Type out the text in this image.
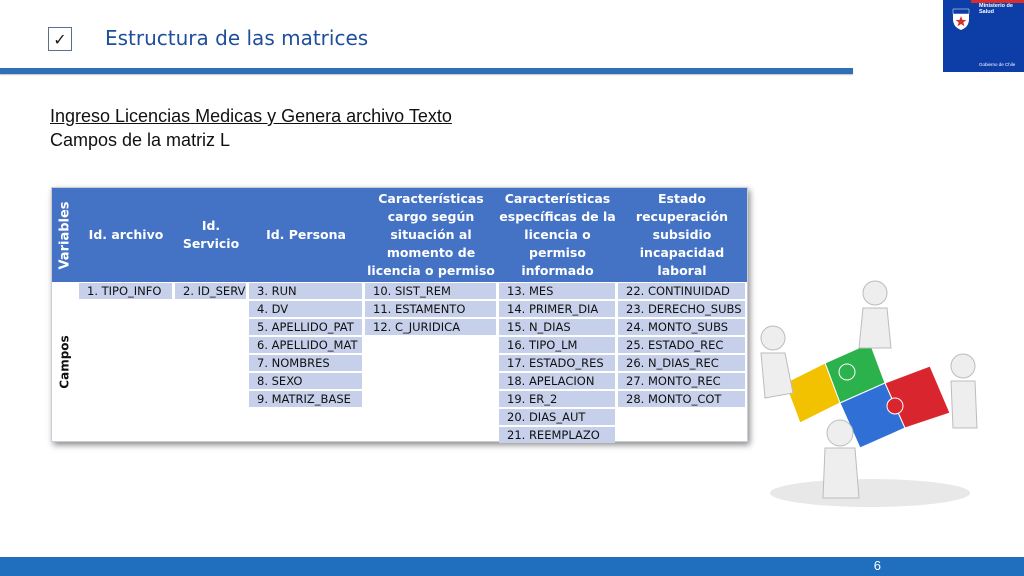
✓ Estructura de las matrices
Ministerio de
Salud
Gobierno de Chile
Ingreso Licencias Medicas y Genera archivo Texto
Campos de la matriz L
Variables
Campos
Id. archivo
Id.
Servicio
Id. Persona
Características
cargo según
situación al
momento de
licencia o permiso
Características
específicas de la
licencia o
permiso
informado
Estado
recuperación
subsidio
incapacidad
laboral
1. TIPO_INFO	2. ID_SERV	3. RUN
4. DV
5. APELLIDO_PAT
6. APELLIDO_MAT
7. NOMBRES
8. SEXO
9. MATRIZ_BASE
10. SIST_REM
11. ESTAMENTO
12. C_JURIDICA
13. MES
14. PRIMER_DIA
15. N_DIAS
16. TIPO_LM
17. ESTADO_RES
18. APELACION
19. ER_2
20. DIAS_AUT
21. REEMPLAZO
22. CONTINUIDAD
23. DERECHO_SUBS
24. MONTO_SUBS
25. ESTADO_REC
26. N_DIAS_REC
27. MONTO_REC
28. MONTO_COT
6
